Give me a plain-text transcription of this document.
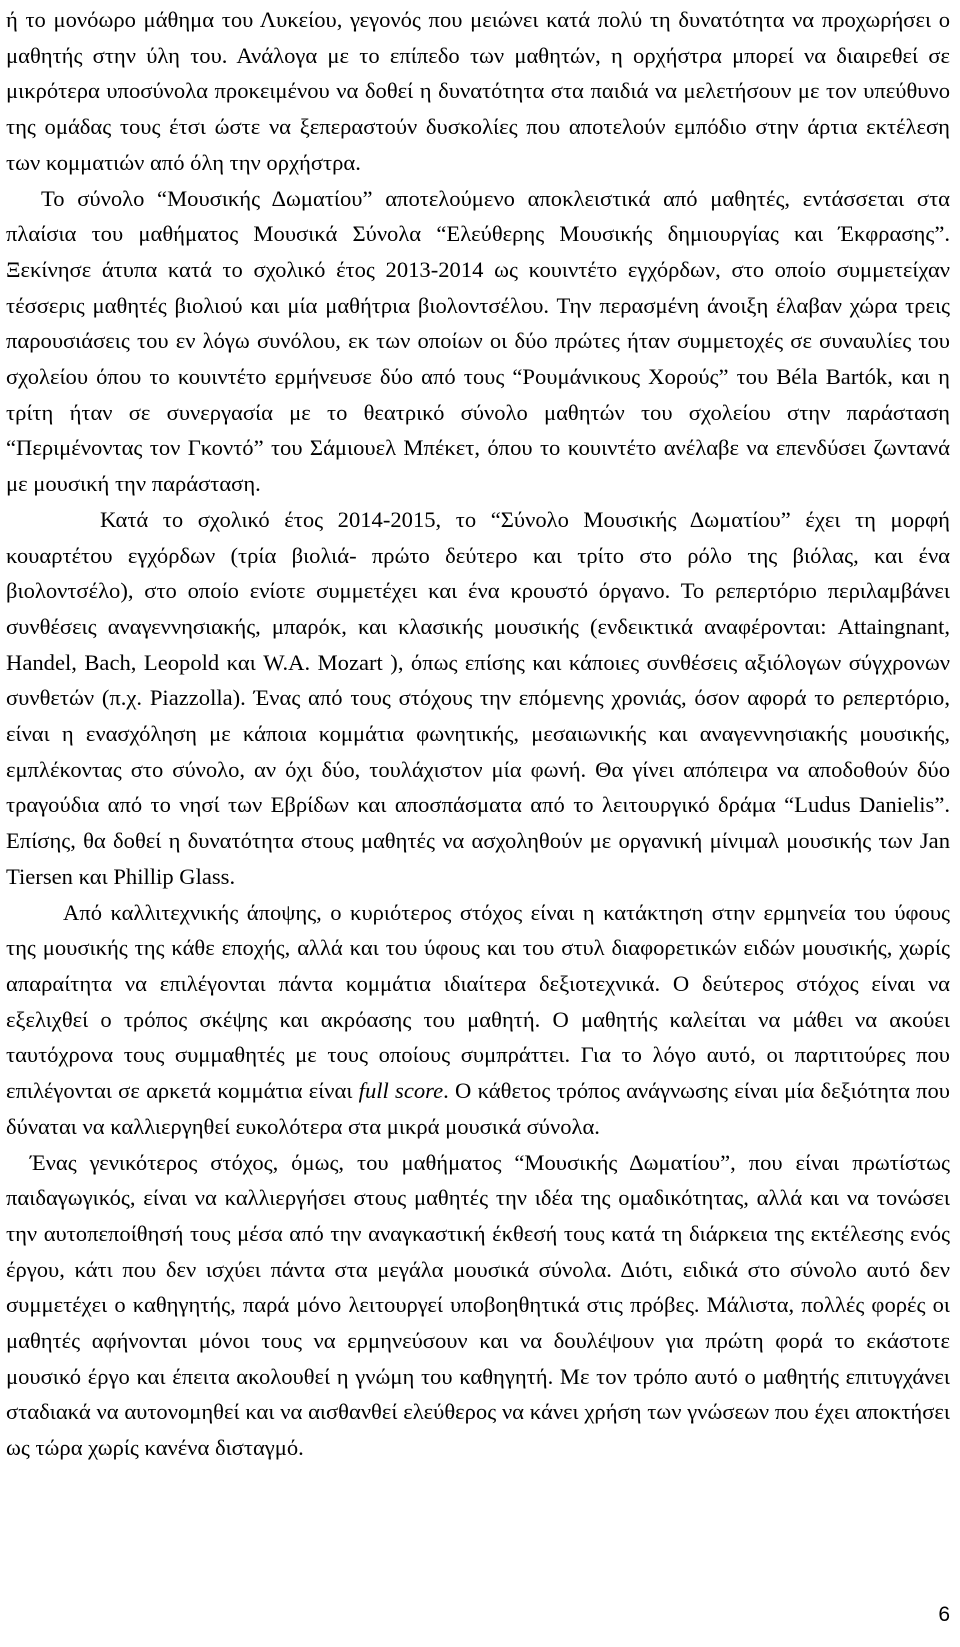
ή το μονόωρο μάθημα του Λυκείου, γεγονός που μειώνει κατά πολύ τη δυνατότητα να προχωρήσει ο μαθητής στην ύλη του. Ανάλογα με το επίπεδο των μαθητών, η ορχήστρα μπορεί να διαιρεθεί σε μικρότερα υποσύνολα προκειμένου να δοθεί η δυνατότητα στα παιδιά να μελετήσουν με τον υπεύθυνο της ομάδας τους έτσι ώστε να ξεπεραστούν δυσκολίες που αποτελούν εμπόδιο στην άρτια εκτέλεση των κομματιών από όλη την ορχήστρα.

Το σύνολο “Μουσικής Δωματίου” αποτελούμενο αποκλειστικά από μαθητές, εντάσσεται στα πλαίσια του μαθήματος Μουσικά Σύνολα “Ελεύθερης Μουσικής δημιουργίας και Έκφρασης”. Ξεκίνησε άτυπα κατά το σχολικό έτος 2013-2014 ως κουιντέτο εγχόρδων, στο οποίο συμμετείχαν τέσσερις μαθητές βιολιού και μία μαθήτρια βιολοντσέλου. Την περασμένη άνοιξη έλαβαν χώρα τρεις παρουσιάσεις του εν λόγω συνόλου, εκ των οποίων οι δύο πρώτες ήταν συμμετοχές σε συναυλίες του σχολείου όπου το κουιντέτο ερμήνευσε δύο από τους “Ρουμάνικους Χορούς” του Béla Bartók, και η τρίτη ήταν σε συνεργασία με το θεατρικό σύνολο μαθητών του σχολείου στην παράσταση “Περιμένοντας τον Γκοντό” του Σάμιουελ Μπέκετ, όπου το κουιντέτο ανέλαβε να επενδύσει ζωντανά με μουσική την παράσταση.

Κατά το σχολικό έτος 2014-2015, το “Σύνολο Μουσικής Δωματίου” έχει τη μορφή κουαρτέτου εγχόρδων (τρία βιολιά- πρώτο δεύτερο και τρίτο στο ρόλο της βιόλας, και ένα βιολοντσέλο), στο οποίο ενίοτε συμμετέχει και ένα κρουστό όργανο. Το ρεπερτόριο περιλαμβάνει συνθέσεις αναγεννησιακής, μπαρόκ, και κλασικής μουσικής (ενδεικτικά αναφέρονται: Attaingnant, Handel, Bach, Leopold και W.A. Mozart ), όπως επίσης και κάποιες συνθέσεις αξιόλογων σύγχρονων συνθετών (π.χ. Piazzolla). Ένας από τους στόχους την επόμενης χρονιάς, όσον αφορά το ρεπερτόριο, είναι η ενασχόληση με κάποια κομμάτια φωνητικής, μεσαιωνικής και αναγεννησιακής μουσικής, εμπλέκοντας στο σύνολο, αν όχι δύο, τουλάχιστον μία φωνή. Θα γίνει απόπειρα να αποδοθούν δύο τραγούδια από το νησί των Εβρίδων και αποσπάσματα από το λειτουργικό δράμα “Ludus Danielis”. Επίσης, θα δοθεί η δυνατότητα στους μαθητές να ασχοληθούν με οργανική μίνιμαλ μουσικής των Jan Tiersen και Phillip Glass.

Από καλλιτεχνικής άποψης, ο κυριότερος στόχος είναι η κατάκτηση στην ερμηνεία του ύφους της μουσικής της κάθε εποχής, αλλά και του ύφους και του στυλ διαφορετικών ειδών μουσικής, χωρίς απαραίτητα να επιλέγονται πάντα κομμάτια ιδιαίτερα δεξιοτεχνικά. Ο δεύτερος στόχος είναι να εξελιχθεί ο τρόπος σκέψης και ακρόασης του μαθητή. Ο μαθητής καλείται να μάθει να ακούει ταυτόχρονα τους συμμαθητές με τους οποίους συμπράττει. Για το λόγο αυτό, οι παρτιτούρες που επιλέγονται σε αρκετά κομμάτια είναι full score. Ο κάθετος τρόπος ανάγνωσης είναι μία δεξιότητα που δύναται να καλλιεργηθεί ευκολότερα στα μικρά μουσικά σύνολα.

Ένας γενικότερος στόχος, όμως, του μαθήματος “Μουσικής Δωματίου”, που είναι πρωτίστως παιδαγωγικός, είναι να καλλιεργήσει στους μαθητές την ιδέα της ομαδικότητας, αλλά και να τονώσει την αυτοπεποίθησή τους μέσα από την αναγκαστική έκθεσή τους κατά τη διάρκεια της εκτέλεσης ενός έργου, κάτι που δεν ισχύει πάντα στα μεγάλα μουσικά σύνολα. Διότι, ειδικά στο σύνολο αυτό δεν συμμετέχει ο καθηγητής, παρά μόνο λειτουργεί υποβοηθητικά στις πρόβες. Μάλιστα, πολλές φορές οι μαθητές αφήνονται μόνοι τους να ερμηνεύσουν και να δουλέψουν για πρώτη φορά το εκάστοτε μουσικό έργο και έπειτα ακολουθεί η γνώμη του καθηγητή. Με τον τρόπο αυτό ο μαθητής επιτυγχάνει σταδιακά να αυτονομηθεί και να αισθανθεί ελεύθερος να κάνει χρήση των γνώσεων που έχει αποκτήσει ως τώρα χωρίς κανένα δισταγμό.

6
